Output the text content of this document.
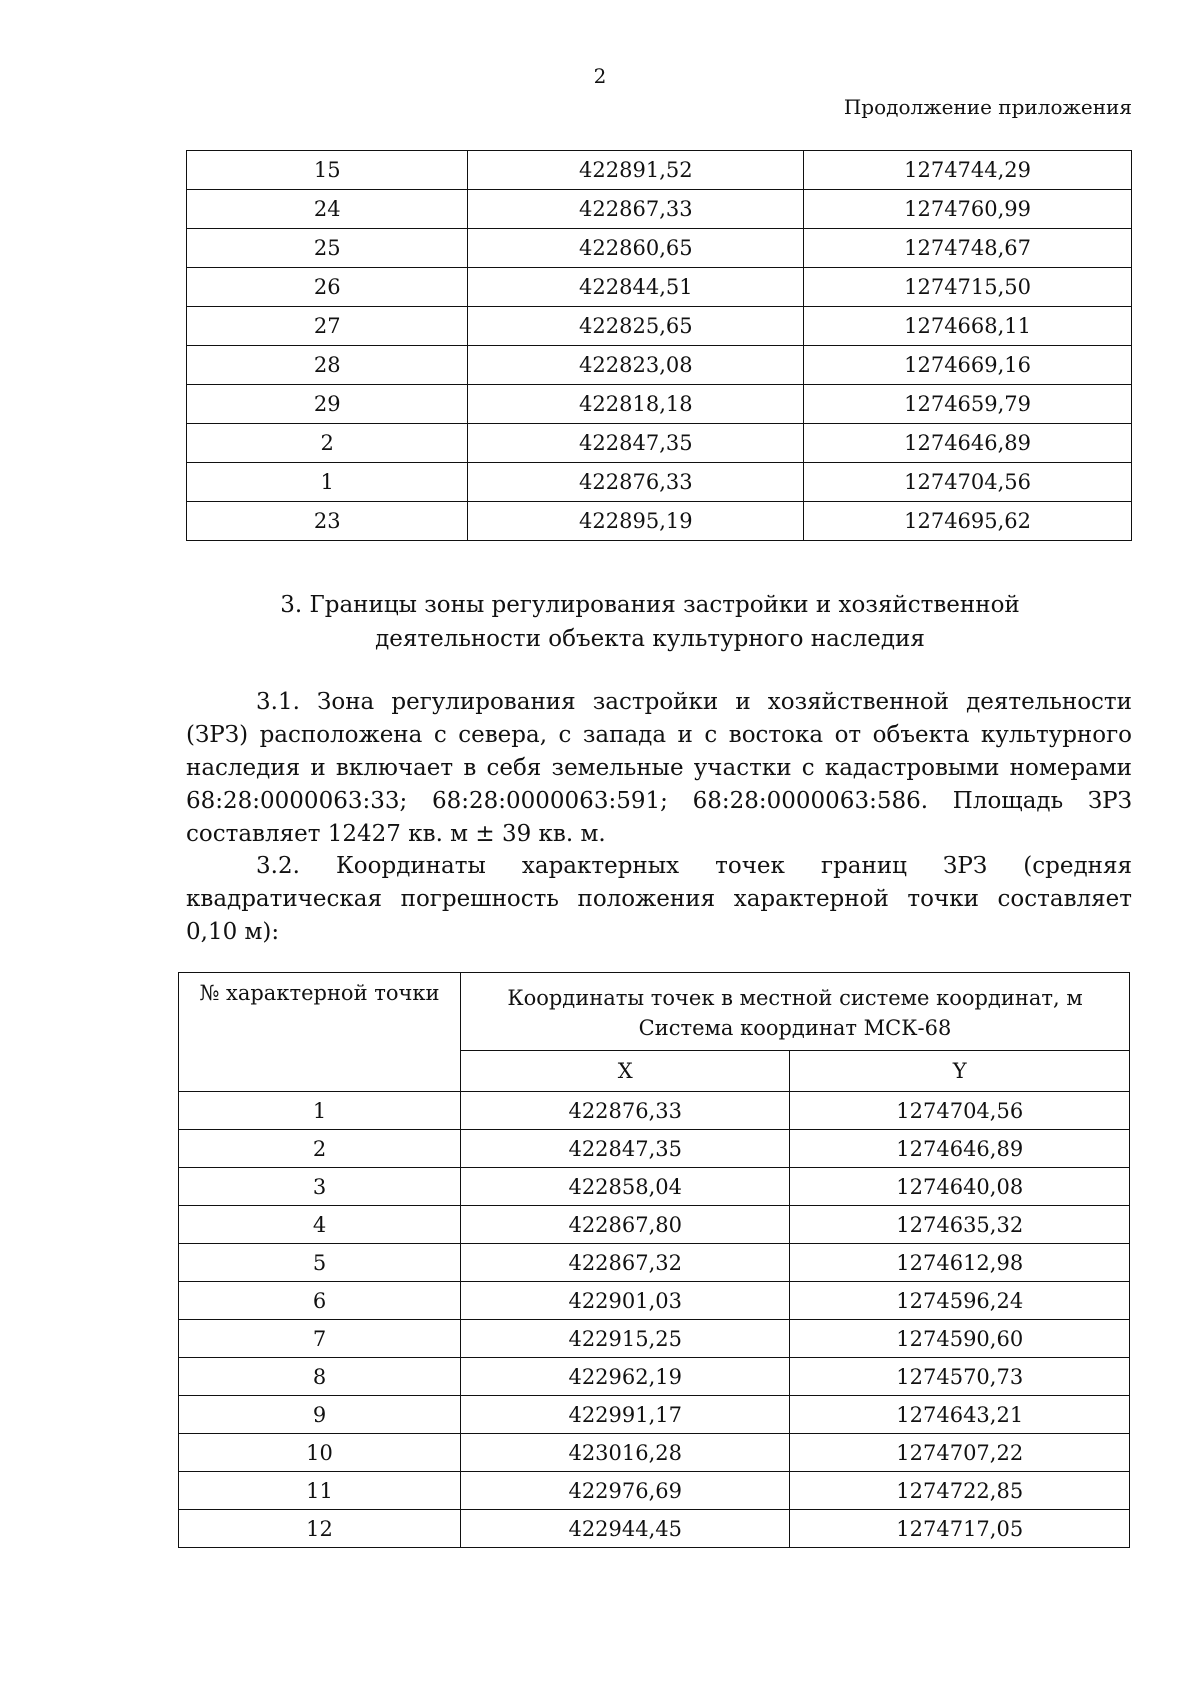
2
Продолжение приложения
15	422891,52	1274744,29
24	422867,33	1274760,99
25	422860,65	1274748,67
26	422844,51	1274715,50
27	422825,65	1274668,11
28	422823,08	1274669,16
29	422818,18	1274659,79
2	422847,35	1274646,89
1	422876,33	1274704,56
23	422895,19	1274695,62
3. Границы зоны регулирования застройки и хозяйственной
деятельности объекта культурного наследия
3.1. Зона регулирования застройки и хозяйственной деятельности (ЗРЗ) расположена с севера, с запада и с востока от объекта культурного наследия и включает в себя земельные участки с кадастровыми номерами 68:28:0000063:33; 68:28:0000063:591; 68:28:0000063:586. Площадь ЗРЗ составляет 12427 кв. м ± 39 кв. м.
3.2. Координаты характерных точек границ ЗРЗ (средняя квадратическая погрешность положения характерной точки составляет 0,10 м):
№ характерной точки	Координаты точек в местной системе координат, м
Система координат МСК-68	

	X	Y
1	422876,33	1274704,56
2	422847,35	1274646,89
3	422858,04	1274640,08
4	422867,80	1274635,32
5	422867,32	1274612,98
6	422901,03	1274596,24
7	422915,25	1274590,60
8	422962,19	1274570,73
9	422991,17	1274643,21
10	423016,28	1274707,22
11	422976,69	1274722,85
12	422944,45	1274717,05
